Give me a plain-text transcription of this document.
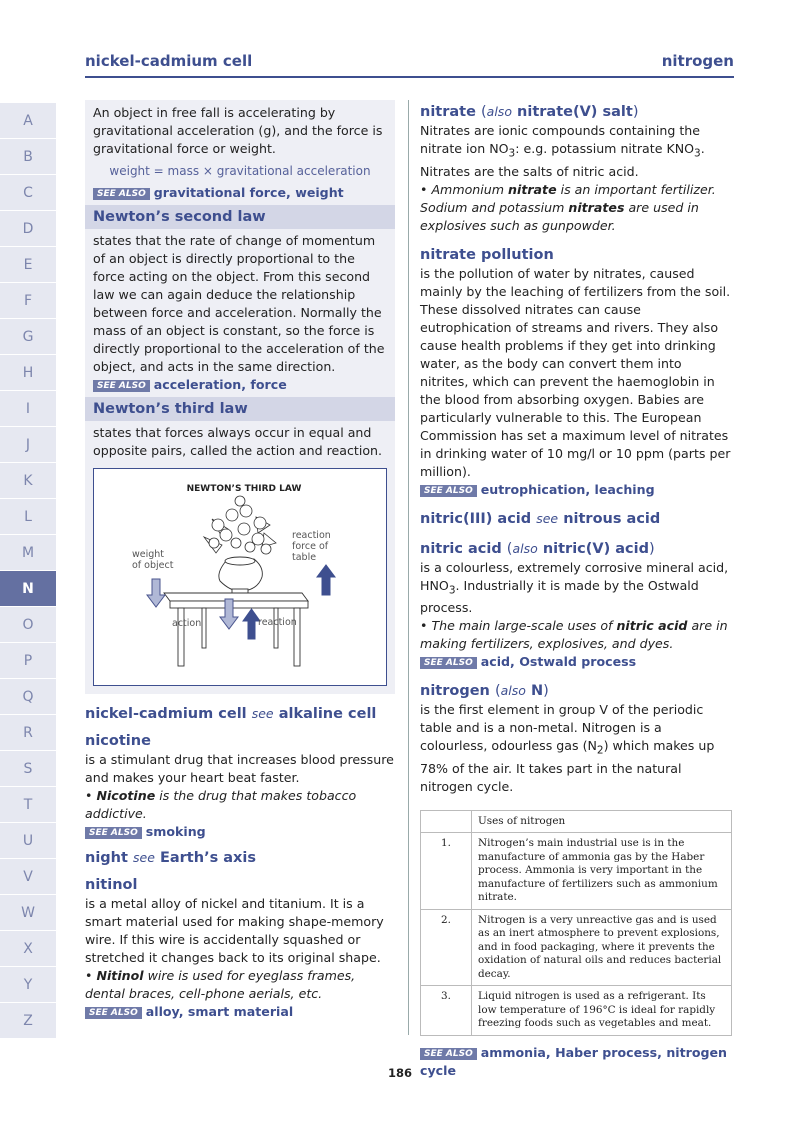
nickel-cadmium cell	nitrogen
A
B
C
D
E
F
G
H
I
J
K
L
M
N
O
P
Q
R
S
T
U
V
W
X
Y
Z

An object in free fall is accelerating by gravitational acceleration (g), and the force is gravitational force or weight.

weight = mass × gravitational acceleration
SEE ALSO gravitational force, weight
Newton’s second law

states that the rate of change of momentum of an object is directly proportional to the force acting on the object. From this second law we can again deduce the relationship between force and acceleration. Normally the mass of an object is constant, so the force is directly proportional to the acceleration of the object, and acts in the same direction.

SEE ALSO acceleration, force
Newton’s third law

states that forces always occur in equal and opposite pairs, called the action and reaction.

NEWTON’S THIRD LAW
weight
of object
reaction
force of
table
action	reaction
nickel-cadmium cell see alkaline cell
nicotine

is a stimulant drug that increases blood pressure and makes your heart beat faster.

• Nicotine is the drug that makes tobacco addictive.

SEE ALSO smoking
night see Earth’s axis
nitinol

is a metal alloy of nickel and titanium. It is a smart material used for making shape-memory wire. If this wire is accidentally squashed or stretched it changes back to its original shape.

• Nitinol wire is used for eyeglass frames, dental braces, cell-phone aerials, etc.

SEE ALSO alloy, smart material
nitrate (also nitrate(V) salt)

Nitrates are ionic compounds containing the nitrate ion $NO_3$: e.g. potassium nitrate $KNO_3$. Nitrates are the salts of nitric acid.

• Ammonium nitrate is an important fertilizer. Sodium and potassium nitrates are used in explosives such as gunpowder.

nitrate pollution

is the pollution of water by nitrates, caused mainly by the leaching of fertilizers from the soil. These dissolved nitrates can cause eutrophication of streams and rivers. They also cause health problems if they get into drinking water, as the body can convert them into nitrites, which can prevent the haemoglobin in the blood from absorbing oxygen. Babies are particularly vulnerable to this. The European Commission has set a maximum level of nitrates in drinking water of 10 mg/l or 10 ppm (parts per million).

SEE ALSO eutrophication, leaching
nitric(III) acid see nitrous acid
nitric acid (also nitric(V) acid)

is a colourless, extremely corrosive mineral acid, $HNO_3$. Industrially it is made by the Ostwald process.

• The main large-scale uses of nitric acid are in making fertilizers, explosives, and dyes.

SEE ALSO acid, Ostwald process
nitrogen (also N)

is the first element in group V of the periodic table and is a non-metal. Nitrogen is a colourless, odourless gas $(N_2)$ which makes up 78% of the air. It takes part in the natural nitrogen cycle.

	Uses of nitrogen
1.	Nitrogen’s main industrial use is in the manufacture of ammonia gas by the Haber process. Ammonia is very important in the manufacture of fertilizers such as ammonium nitrate.
2.	Nitrogen is a very unreactive gas and is used as an inert atmosphere to prevent explosions, and in food packaging, where it prevents the oxidation of natural oils and reduces bacterial decay.
3.	Liquid nitrogen is used as a refrigerant. Its low temperature of 196°C is ideal for rapidly freezing foods such as vegetables and meat.
SEE ALSO ammonia, Haber process, nitrogen cycle
186
